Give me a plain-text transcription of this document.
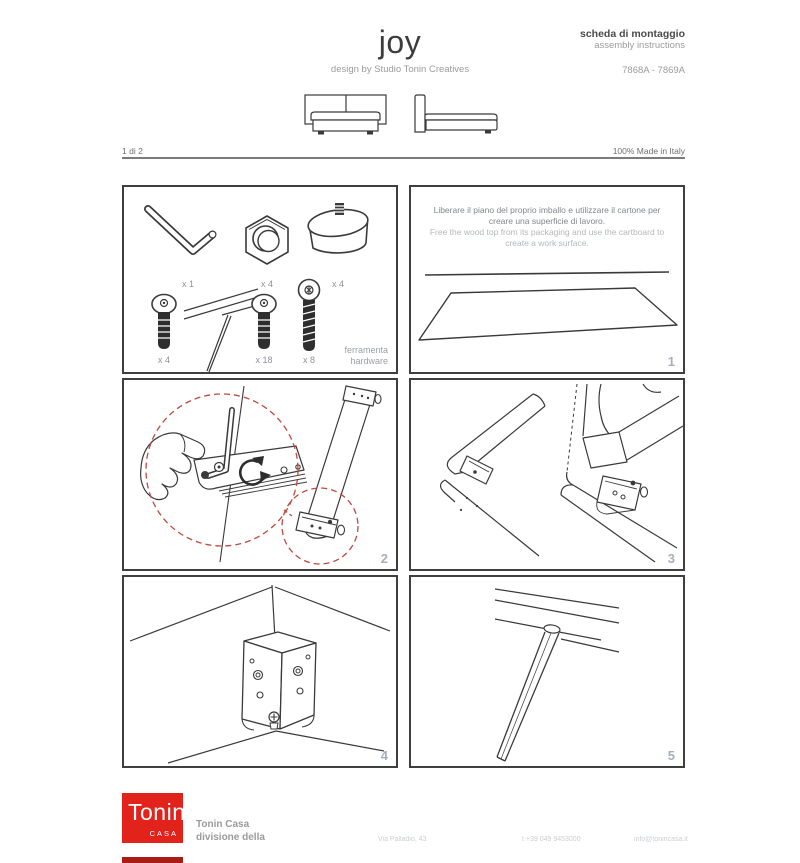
joy
design by Studio Tonin Creatives
scheda di montaggio
assembly instructions
7868A - 7869A
1 di 2	100% Made in Italy
x 1	x 4	x 4
x 4	x 18	x 8
ferramenta
hardware
Liberare il piano del proprio imballo e utilizzare il cartone per creare una superficie di lavoro.
Free the wood top from its packaging and use the cartboard to create a work surface.
1
2	3
4	5
Tonin
CASA
Tonin Casa
divisione della	Via Palladio, 43	t +39 049 9453000	info@tonincasa.it
